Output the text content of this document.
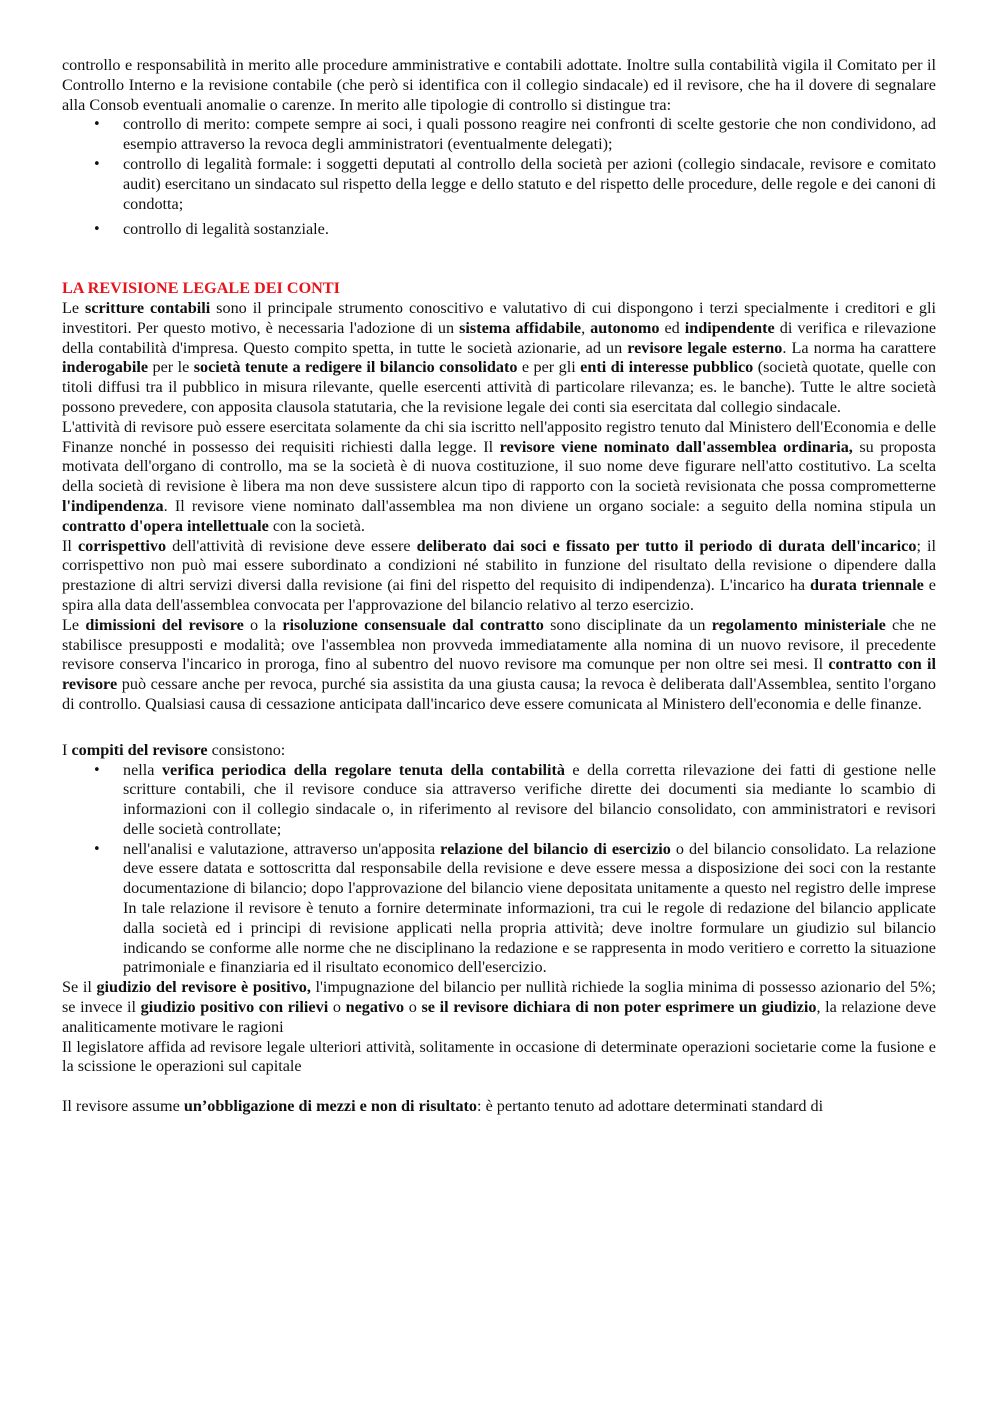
controllo e responsabilità in merito alle procedure amministrative e contabili adottate. Inoltre sulla contabilità vigila il Comitato per il Controllo Interno e la revisione contabile (che però si identifica con il collegio sindacale) ed il revisore, che ha il dovere di segnalare alla Consob eventuali anomalie o carenze. In merito alle tipologie di controllo si distingue tra:

• controllo di merito: compete sempre ai soci, i quali possono reagire nei confronti di scelte gestorie che non condividono, ad esempio attraverso la revoca degli amministratori (eventualmente delegati);
• controllo di legalità formale: i soggetti deputati al controllo della società per azioni (collegio sindacale, revisore e comitato audit) esercitano un sindacato sul rispetto della legge e dello statuto e del rispetto delle procedure, delle regole e dei canoni di condotta;
• controllo di legalità sostanziale.
LA REVISIONE LEGALE DEI CONTI

Le scritture contabili sono il principale strumento conoscitivo e valutativo di cui dispongono i terzi specialmente i creditori e gli investitori. Per questo motivo, è necessaria l'adozione di un sistema affidabile, autonomo ed indipendente di verifica e rilevazione della contabilità d'impresa. Questo compito spetta, in tutte le società azionarie, ad un revisore legale esterno. La norma ha carattere inderogabile per le società tenute a redigere il bilancio consolidato e per gli enti di interesse pubblico (società quotate, quelle con titoli diffusi tra il pubblico in misura rilevante, quelle esercenti attività di particolare rilevanza; es. le banche). Tutte le altre società possono prevedere, con apposita clausola statutaria, che la revisione legale dei conti sia esercitata dal collegio sindacale.

L'attività di revisore può essere esercitata solamente da chi sia iscritto nell'apposito registro tenuto dal Ministero dell'Economia e delle Finanze nonché in possesso dei requisiti richiesti dalla legge. Il revisore viene nominato dall'assemblea ordinaria, su proposta motivata dell'organo di controllo, ma se la società è di nuova costituzione, il suo nome deve figurare nell'atto costitutivo. La scelta della società di revisione è libera ma non deve sussistere alcun tipo di rapporto con la società revisionata che possa comprometterne l'indipendenza. Il revisore viene nominato dall'assemblea ma non diviene un organo sociale: a seguito della nomina stipula un contratto d'opera intellettuale con la società.

Il corrispettivo dell'attività di revisione deve essere deliberato dai soci e fissato per tutto il periodo di durata dell'incarico; il corrispettivo non può mai essere subordinato a condizioni né stabilito in funzione del risultato della revisione o dipendere dalla prestazione di altri servizi diversi dalla revisione (ai fini del rispetto del requisito di indipendenza). L'incarico ha durata triennale e spira alla data dell'assemblea convocata per l'approvazione del bilancio relativo al terzo esercizio.

Le dimissioni del revisore o la risoluzione consensuale dal contratto sono disciplinate da un regolamento ministeriale che ne stabilisce presupposti e modalità; ove l'assemblea non provveda immediatamente alla nomina di un nuovo revisore, il precedente revisore conserva l'incarico in proroga, fino al subentro del nuovo revisore ma comunque per non oltre sei mesi. Il contratto con il revisore può cessare anche per revoca, purché sia assistita da una giusta causa; la revoca è deliberata dall'Assemblea, sentito l'organo di controllo. Qualsiasi causa di cessazione anticipata dall'incarico deve essere comunicata al Ministero dell'economia e delle finanze.

I compiti del revisore consistono:

• nella verifica periodica della regolare tenuta della contabilità e della corretta rilevazione dei fatti di gestione nelle scritture contabili, che il revisore conduce sia attraverso verifiche dirette dei documenti sia mediante lo scambio di informazioni con il collegio sindacale o, in riferimento al revisore del bilancio consolidato, con amministratori e revisori delle società controllate;
• nell'analisi e valutazione, attraverso un'apposita relazione del bilancio di esercizio o del bilancio consolidato. La relazione deve essere datata e sottoscritta dal responsabile della revisione e deve essere messa a disposizione dei soci con la restante documentazione di bilancio; dopo l'approvazione del bilancio viene depositata unitamente a questo nel registro delle imprese In tale relazione il revisore è tenuto a fornire determinate informazioni, tra cui le regole di redazione del bilancio applicate dalla società ed i principi di revisione applicati nella propria attività; deve inoltre formulare un giudizio sul bilancio indicando se conforme alle norme che ne disciplinano la redazione e se rappresenta in modo veritiero e corretto la situazione patrimoniale e finanziaria ed il risultato economico dell'esercizio.

Se il giudizio del revisore è positivo, l'impugnazione del bilancio per nullità richiede la soglia minima di possesso azionario del 5%; se invece il giudizio positivo con rilievi o negativo o se il revisore dichiara di non poter esprimere un giudizio, la relazione deve analiticamente motivare le ragioni

Il legislatore affida ad revisore legale ulteriori attività, solitamente in occasione di determinate operazioni societarie come la fusione e la scissione le operazioni sul capitale

Il revisore assume un’obbligazione di mezzi e non di risultato: è pertanto tenuto ad adottare determinati standard di
